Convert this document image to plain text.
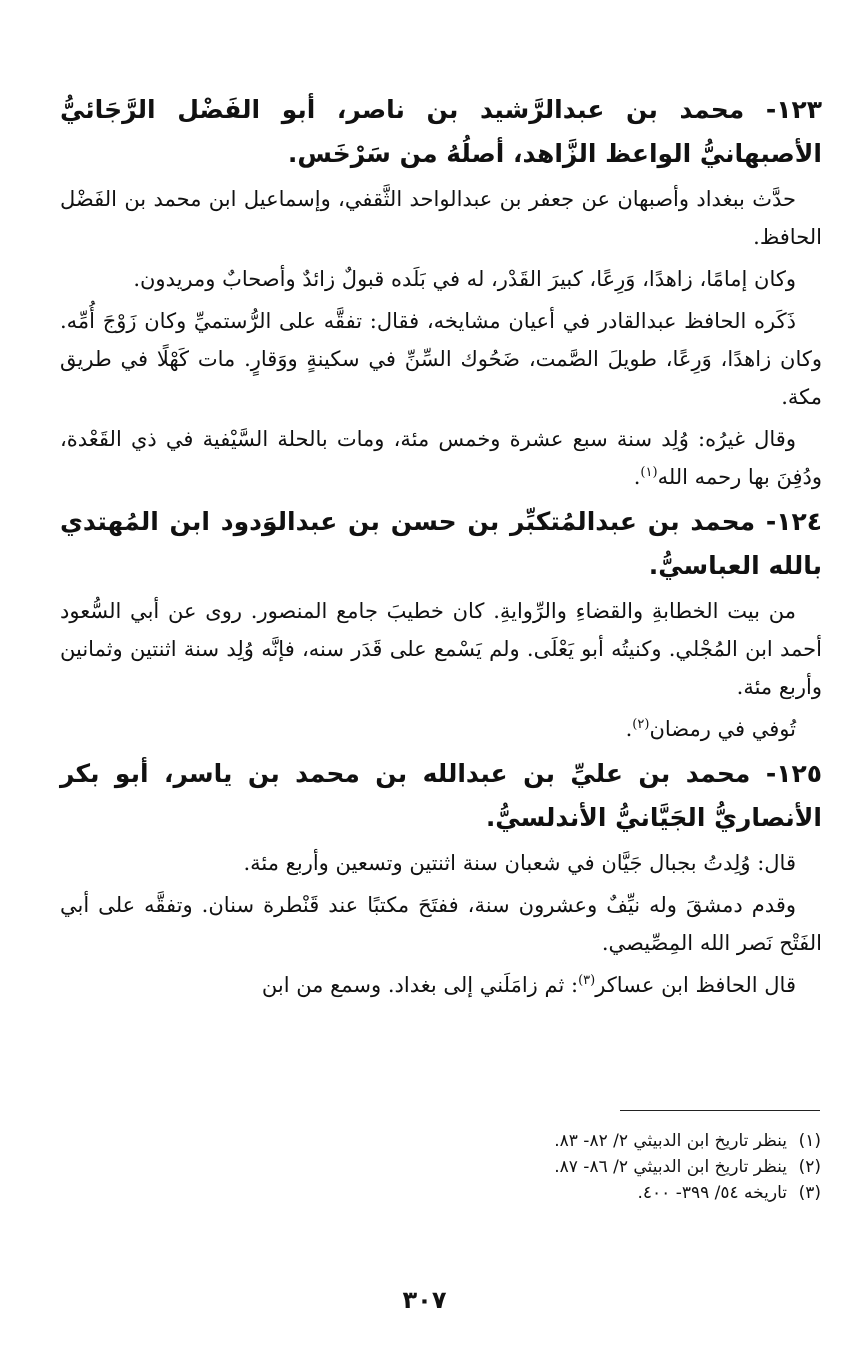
١٢٣- محمد بن عبدالرَّشيد بن ناصر، أبو الفَضْل الرَّجَائيُّ الأصبهانيُّ الواعظ الزَّاهد، أصلُهُ من سَرْخَس.

حدَّث ببغداد وأصبهان عن جعفر بن عبدالواحد الثَّقفي، وإسماعيل ابن محمد بن الفَضْل الحافظ.

وكان إمامًا، زاهدًا، وَرِعًا، كبيرَ القَدْر، له في بَلَده قبولٌ زائدٌ وأصحابٌ ومريدون.

ذَكَره الحافظ عبدالقادر في أعيان مشايخه، فقال: تفقَّه على الرُّستميِّ وكان زَوْجَ أُمِّه. وكان زاهدًا، وَرِعًا، طويلَ الصَّمت، ضَحُوك السِّنِّ في سكينةٍ ووَقارٍ. مات كَهْلًا في طريق مكة.

وقال غيرُه: وُلِد سنة سبع عشرة وخمس مئة، ومات بالحلة السَّيْفية في ذي القَعْدة، ودُفِنَ بها رحمه الله$^{(١)}$.

١٢٤- محمد بن عبدالمُتكبِّر بن حسن بن عبدالوَدود ابن المُهتدي بالله العباسيُّ.

من بيت الخطابةِ والقضاءِ والرِّوايةِ. كان خطيبَ جامع المنصور. روى عن أبي السُّعود أحمد ابن المُجْلي. وكنيتُه أبو يَعْلَى. ولم يَسْمع على قَدَر سنه، فإنَّه وُلِد سنة اثنتين وثمانين وأربع مئة.

تُوفي في رمضان$^{(٢)}$.

١٢٥- محمد بن عليِّ بن عبدالله بن محمد بن ياسر، أبو بكر الأنصاريُّ الجَيَّانيُّ الأندلسيُّ.

قال: وُلِدتُ بجبال جَيَّان في شعبان سنة اثنتين وتسعين وأربع مئة.

وقدم دمشقَ وله نيِّفٌ وعشرون سنة، ففتَحَ مكتبًا عند قَنْطرة سنان. وتفقَّه على أبي الفَتْح نَصر الله المِصِّيصي.

قال الحافظ ابن عساكر$^{(٣)}$: ثم زامَلَني إلى بغداد. وسمع من ابن

(١)ينظر تاريخ ابن الدبيثي ٢/ ٨٢- ٨٣.
(٢)ينظر تاريخ ابن الدبيثي ٢/ ٨٦- ٨٧.
(٣)تاريخه ٥٤/ ٣٩٩- ٤٠٠.
٣٠٧
